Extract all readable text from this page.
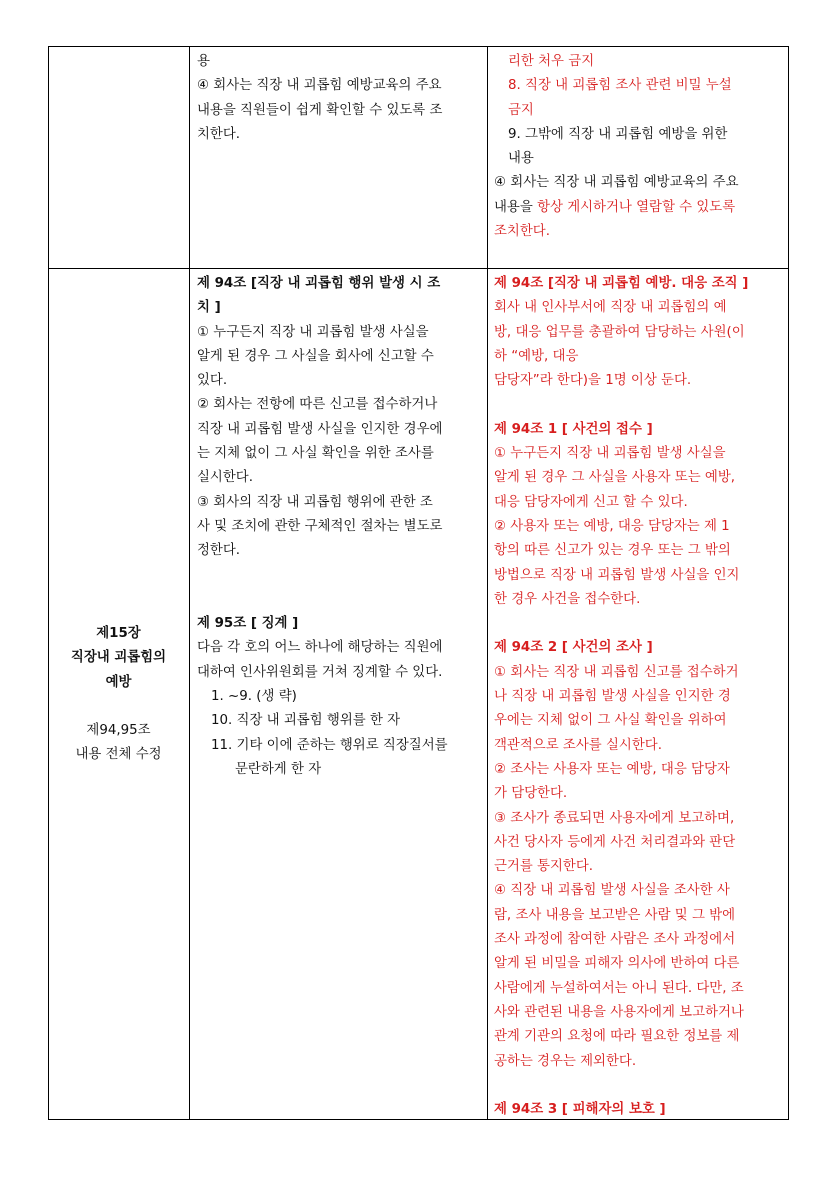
용

④ 회사는 직장 내 괴롭힘 예방교육의 주요

내용을 직원들이 쉽게 확인할 수 있도록 조

치한다.

리한 처우 금지

8. 직장 내 괴롭힘 조사 관련 비밀 누설

금지

9. 그밖에 직장 내 괴롭힘 예방을 위한

내용

④ 회사는 직장 내 괴롭힘 예방교육의 주요

내용을 항상 게시하거나 열람할 수 있도록

조치한다.

제15장

직장내 괴롭힘의

예방

제94,95조

내용 전체 수정

제 94조 [직장 내 괴롭힘 행위 발생 시 조

치 ]

① 누구든지 직장 내 괴롭힘 발생 사실을

알게 된 경우 그 사실을 회사에 신고할 수

있다.

② 회사는 전항에 따른 신고를 접수하거나

직장 내 괴롭힘 발생 사실을 인지한 경우에

는 지체 없이 그 사실 확인을 위한 조사를

실시한다.

③ 회사의 직장 내 괴롭힘 행위에 관한 조

사 및 조치에 관한 구체적인 절차는 별도로

정한다.

제 95조 [ 징계 ]

다음 각 호의 어느 하나에 해당하는 직원에

대하여 인사위원회를 거쳐 징계할 수 있다.

1. ~9. (생 략)

10. 직장 내 괴롭힘 행위를 한 자

11. 기타 이에 준하는 행위로 직장질서를

문란하게 한 자

제 94조 [직장 내 괴롭힘 예방. 대응 조직 ]

회사 내 인사부서에 직장 내 괴롭힘의 예

방, 대응 업무를 총괄하여 담당하는 사원(이

하 “예방, 대응

담당자”라 한다)을 1명 이상 둔다.

제 94조 1 [ 사건의 접수 ]

① 누구든지 직장 내 괴롭힘 발생 사실을

알게 된 경우 그 사실을 사용자 또는 예방,

대응 담당자에게 신고 할 수 있다.

② 사용자 또는 예방, 대응 담당자는 제 1

항의 따른 신고가 있는 경우 또는 그 밖의

방법으로 직장 내 괴롭힘 발생 사실을 인지

한 경우 사건을 접수한다.

제 94조 2 [ 사건의 조사 ]

① 회사는 직장 내 괴롭힘 신고를 접수하거

나 직장 내 괴롭힘 발생 사실을 인지한 경

우에는 지체 없이 그 사실 확인을 위하여

객관적으로 조사를 실시한다.

② 조사는 사용자 또는 예방, 대응 담당자

가 담당한다.

③ 조사가 종료되면 사용자에게 보고하며,

사건 당사자 등에게 사건 처리결과와 판단

근거를 통지한다.

④ 직장 내 괴롭힘 발생 사실을 조사한 사

람, 조사 내용을 보고받은 사람 및 그 밖에

조사 과정에 참여한 사람은 조사 과정에서

알게 된 비밀을 피해자 의사에 반하여 다른

사람에게 누설하여서는 아니 된다. 다만, 조

사와 관련된 내용을 사용자에게 보고하거나

관계 기관의 요청에 따라 필요한 정보를 제

공하는 경우는 제외한다.

제 94조 3 [ 피해자의 보호 ]
